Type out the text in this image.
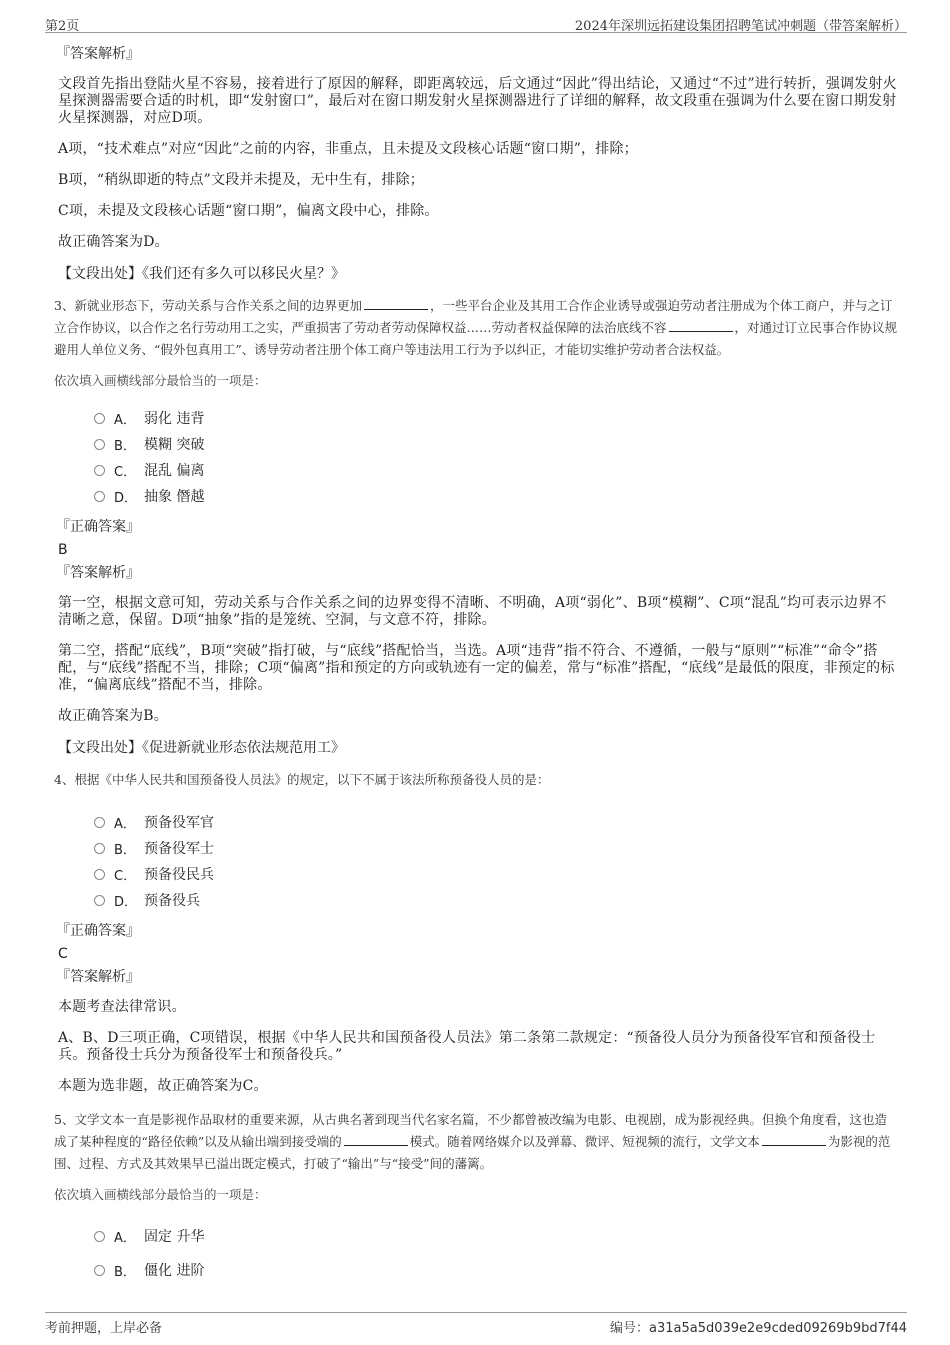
第2页	2024年深圳远拓建设集团招聘笔试冲刺题（带答案解析）
『答案解析』

文段首先指出登陆火星不容易，接着进行了原因的解释，即距离较远，后文通过“因此”得出结论，又通过“不过”进行转折，强调发射火星探测器需要合适的时机，即“发射窗口”，最后对在窗口期发射火星探测器进行了详细的解释，故文段重在强调为什么要在窗口期发射火星探测器，对应D项。

A项，“技术难点”对应“因此”之前的内容，非重点，且未提及文段核心话题“窗口期”，排除；

B项，“稍纵即逝的特点”文段并未提及，无中生有，排除；

C项，未提及文段核心话题“窗口期”，偏离文段中心，排除。

故正确答案为D。

【文段出处】《我们还有多久可以移民火星？》

3、新就业形态下，劳动关系与合作关系之间的边界更加	，一些平台企业及其用工合作企业诱导或强迫劳动者注册成为个体工商户，并与之订立合作协议，以合作之名行劳动用工之实，严重损害了劳动者劳动保障权益……劳动者权益保障的法治底线不容	，对通过订立民事合作协议规避用人单位义务、“假外包真用工”、诱导劳动者注册个体工商户等违法用工行为予以纠正，才能切实维护劳动者合法权益。
依次填入画横线部分最恰当的一项是：
A． 弱化 违背
B． 模糊 突破
C． 混乱 偏离
D． 抽象 僭越
『正确答案』
B
『答案解析』

第一空，根据文意可知，劳动关系与合作关系之间的边界变得不清晰、不明确，A项“弱化”、B项“模糊”、C项“混乱”均可表示边界不清晰之意，保留。D项“抽象”指的是笼统、空洞，与文意不符，排除。

第二空，搭配“底线”，B项“突破”指打破，与“底线”搭配恰当，当选。A项“违背”指不符合、不遵循，一般与“原则”“标准”“命令”搭配，与“底线”搭配不当，排除；C项“偏离”指和预定的方向或轨迹有一定的偏差，常与“标准”搭配，“底线”是最低的限度，非预定的标准，“偏离底线”搭配不当，排除。

故正确答案为B。

【文段出处】《促进新就业形态依法规范用工》

4、根据《中华人民共和国预备役人员法》的规定，以下不属于该法所称预备役人员的是：
A． 预备役军官
B． 预备役军士
C． 预备役民兵
D． 预备役兵
『正确答案』
C
『答案解析』

本题考查法律常识。

A、B、D三项正确，C项错误，根据《中华人民共和国预备役人员法》第二条第二款规定：“预备役人员分为预备役军官和预备役士兵。预备役士兵分为预备役军士和预备役兵。”

本题为选非题，故正确答案为C。

5、文学文本一直是影视作品取材的重要来源，从古典名著到现当代名家名篇，不少都曾被改编为电影、电视剧，成为影视经典。但换个角度看，这也造成了某种程度的“路径依赖”以及从输出端到接受端的	模式。随着网络媒介以及弹幕、微评、短视频的流行，文学文本	为影视的范围、过程、方式及其效果早已溢出既定模式，打破了“输出”与“接受”间的藩篱。
依次填入画横线部分最恰当的一项是：
A． 固定 升华
B． 僵化 进阶
考前押题，上岸必备	编号：a31a5a5d039e2e9cded09269b9bd7f44
